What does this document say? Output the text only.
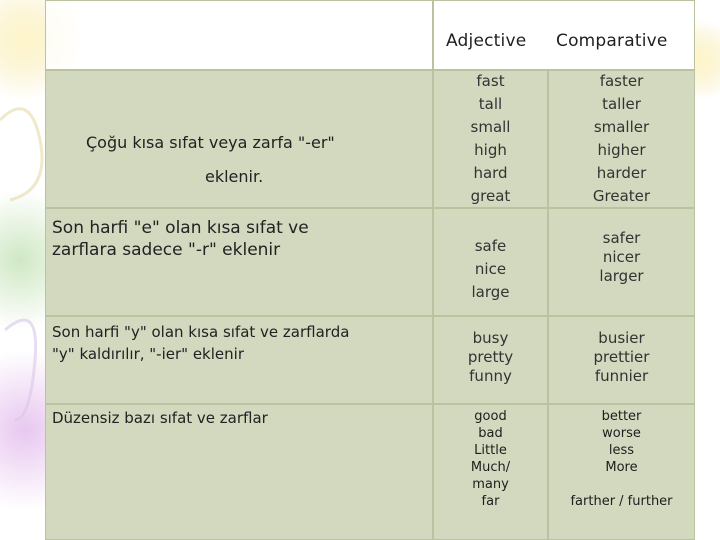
Adjective Comparative
Çoğu kısa sıfat veya zarfa "-er"
eklenir.
fast
tall
small
high
hard
great
faster
taller
smaller
higher
harder
Greater
Son harfi "e" olan kısa sıfat ve
zarflara sadece "-r" eklenir	safe
nice
large
safer
nicer
larger
Son harfi "y" olan kısa sıfat ve zarflarda
"y" kaldırılır, "-ier" eklenir
busy
pretty
funny
busier
prettier
funnier
Düzensiz bazı sıfat ve zarflar	good
bad
Little
Much/
many
far
better
worse
less
More
farther / further
